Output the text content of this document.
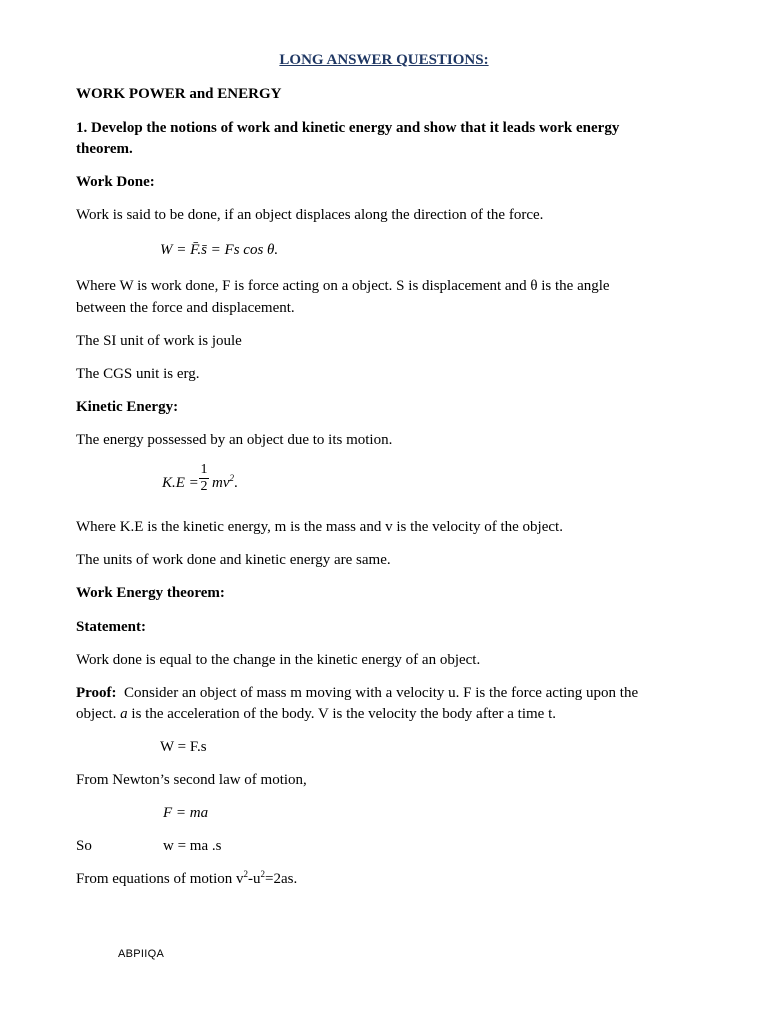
LONG ANSWER QUESTIONS:
WORK POWER and ENERGY
1. Develop the notions of work and kinetic energy and show that it leads work energy
theorem.
Work Done:
Work is said to be done, if an object displaces along the direction of the force.
W = F̄.s̄ = Fs cos θ.
Where W is work done, F is force acting on a object. S is displacement and θ is the angle
between the force and displacement.
The SI unit of work is joule
The CGS unit is erg.
Kinetic Energy:
The energy possessed by an object due to its motion.
K.E =
1
2 $mv^2$.
Where K.E is the kinetic energy, m is the mass and v is the velocity of the object.
The units of work done and kinetic energy are same.
Work Energy theorem:
Statement:
Work done is equal to the change in the kinetic energy of an object.
Proof: Consider an object of mass m moving with a velocity u. F is the force acting upon the
object. a is the acceleration of the body. V is the velocity the body after a time t.
W = F.s
From Newton’s second law of motion,
F = ma
So	w = ma .s
From equations of motion $v^2-u^2=2as$.
ABPIIQA
